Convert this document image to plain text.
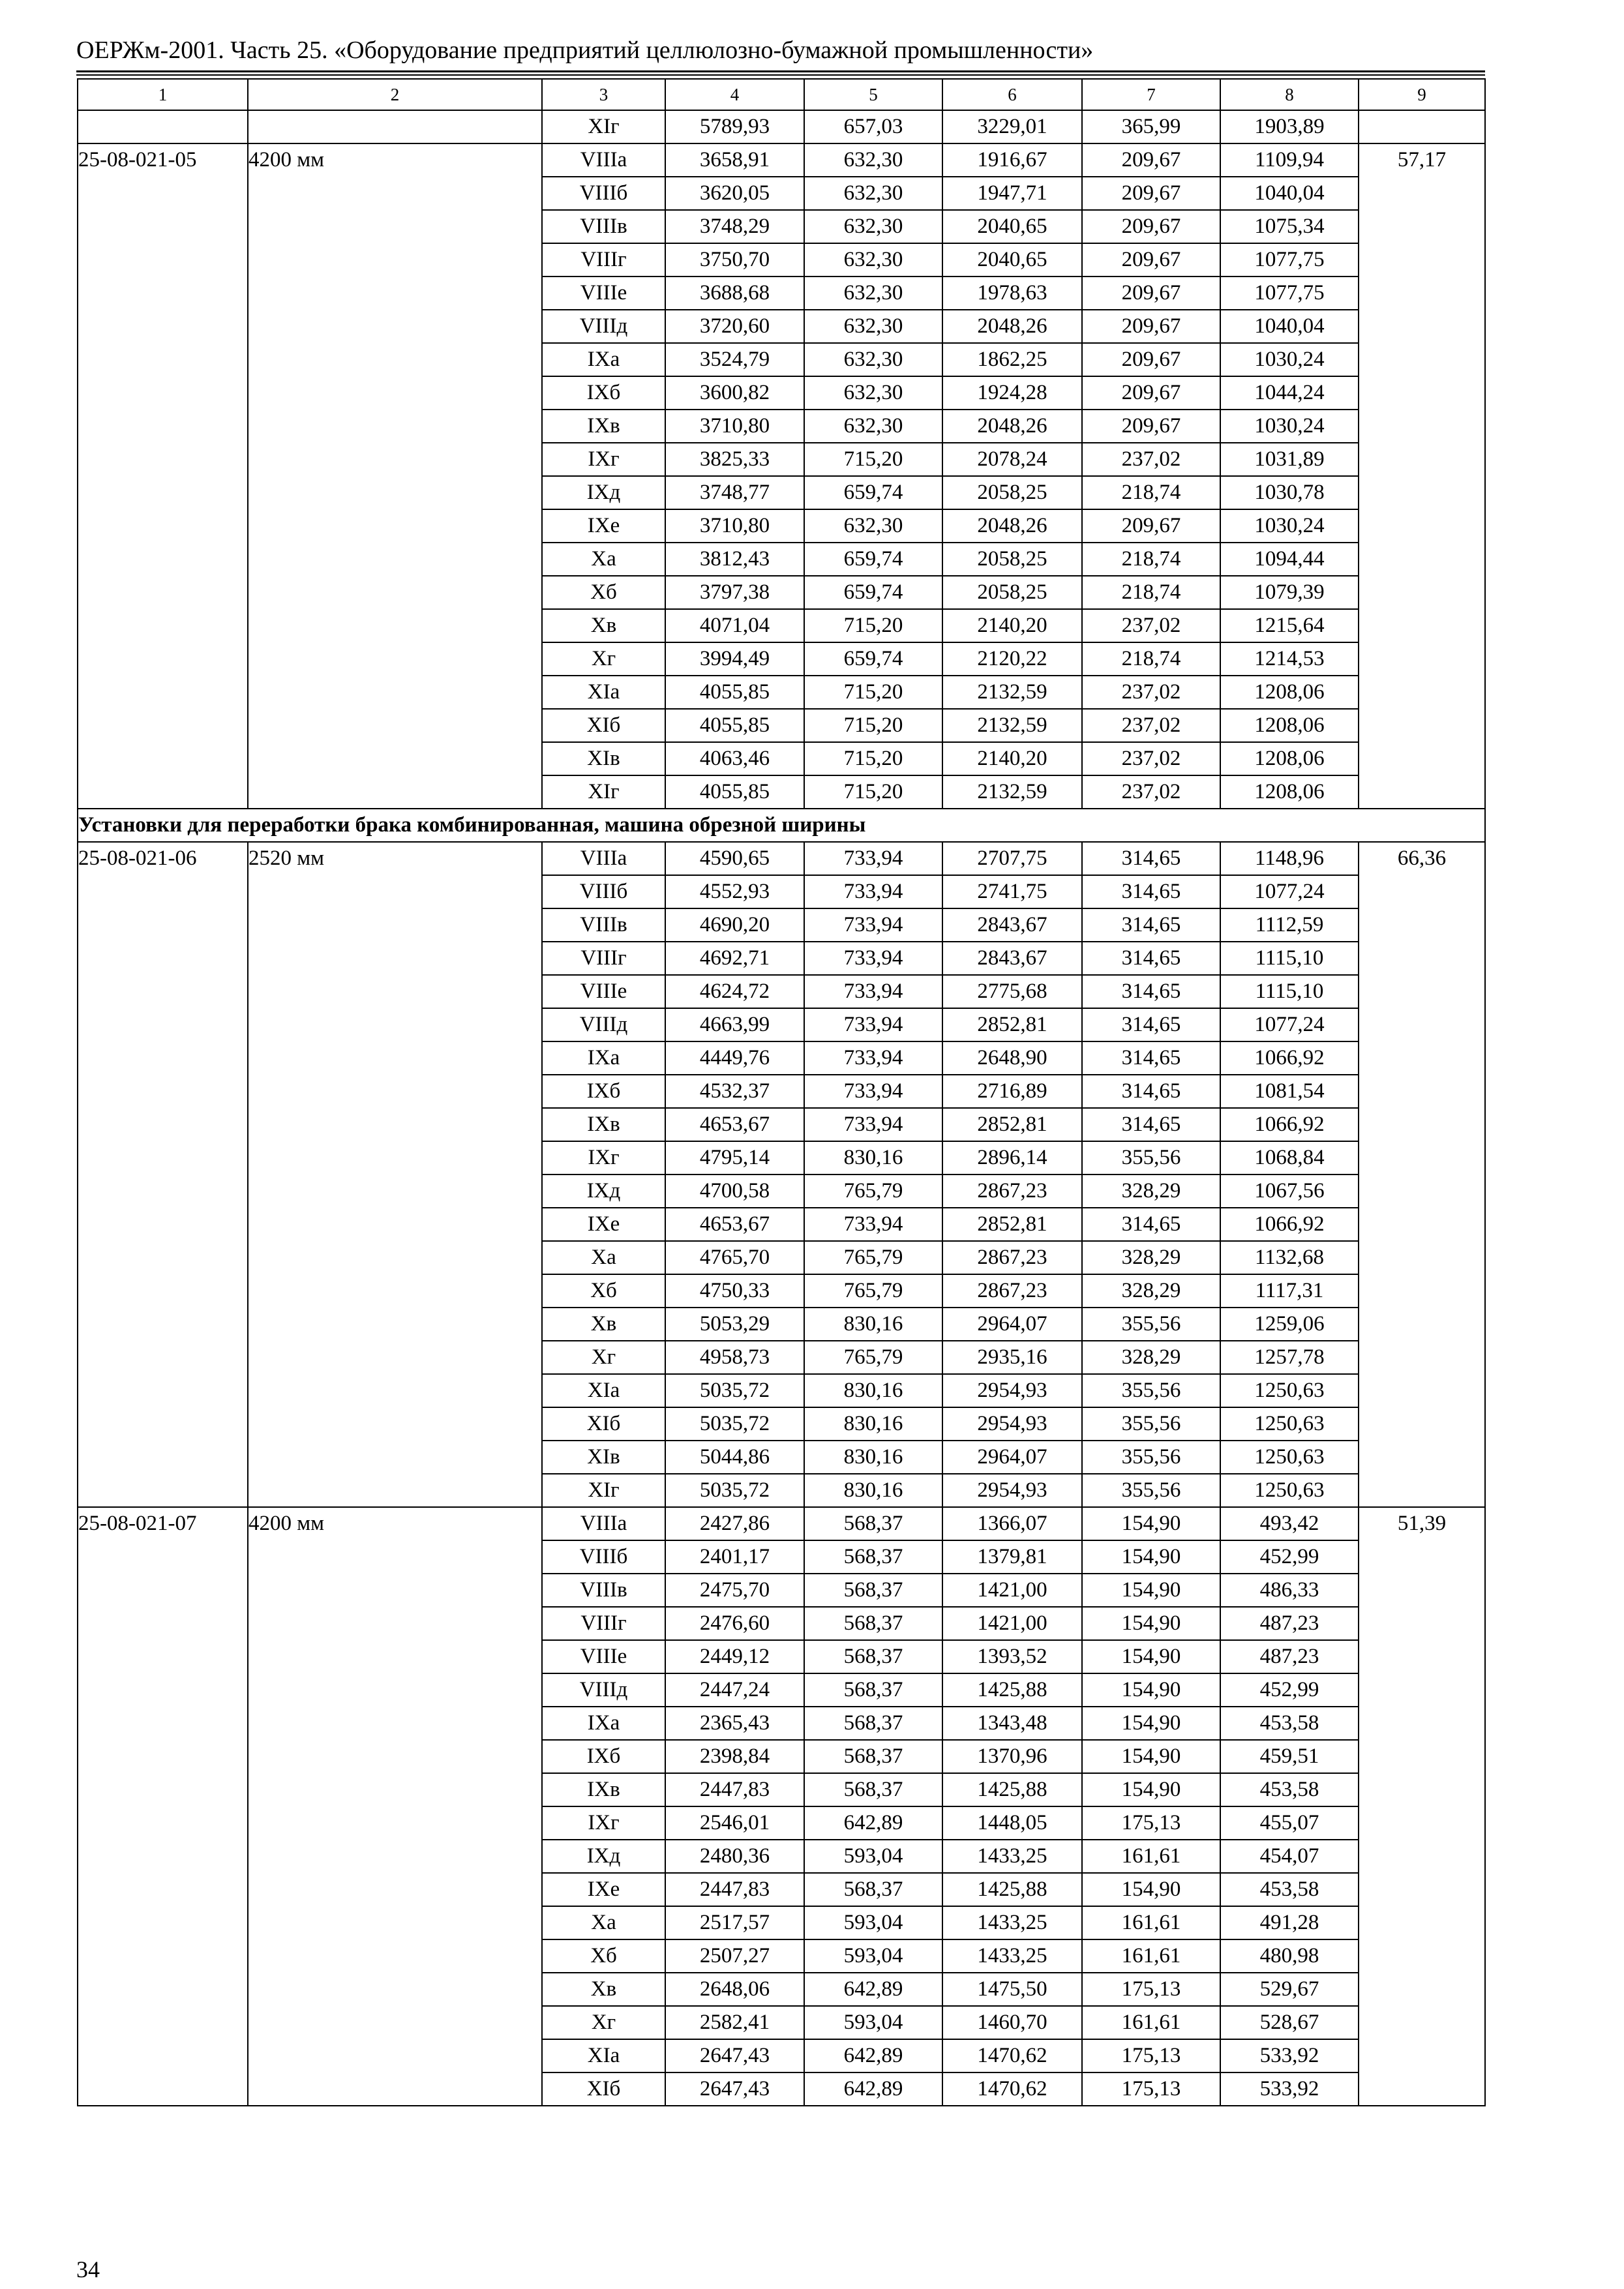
ОЕРЖм-2001. Часть 25. «Оборудование предприятий целлюлозно-бумажной промышленности»
1	2	3	4	5	6	7	8	9
		XIг	5789,93	657,03	3229,01	365,99	1903,89	
25-08-021-05	4200 мм	VIIIа	3658,91	632,30	1916,67	209,67	1109,94	57,17
		VIIIб	3620,05	632,30	1947,71	209,67	1040,04	
		VIIIв	3748,29	632,30	2040,65	209,67	1075,34	
		VIIIг	3750,70	632,30	2040,65	209,67	1077,75	
		VIIIе	3688,68	632,30	1978,63	209,67	1077,75	
		VIIIд	3720,60	632,30	2048,26	209,67	1040,04	
		IXа	3524,79	632,30	1862,25	209,67	1030,24	
		IXб	3600,82	632,30	1924,28	209,67	1044,24	
		IXв	3710,80	632,30	2048,26	209,67	1030,24	
		IXг	3825,33	715,20	2078,24	237,02	1031,89	
		IXд	3748,77	659,74	2058,25	218,74	1030,78	
		IXе	3710,80	632,30	2048,26	209,67	1030,24	
		Xа	3812,43	659,74	2058,25	218,74	1094,44	
		Xб	3797,38	659,74	2058,25	218,74	1079,39	
		Xв	4071,04	715,20	2140,20	237,02	1215,64	
		Xг	3994,49	659,74	2120,22	218,74	1214,53	
		XIа	4055,85	715,20	2132,59	237,02	1208,06	
		XIб	4055,85	715,20	2132,59	237,02	1208,06	
		XIв	4063,46	715,20	2140,20	237,02	1208,06	
		XIг	4055,85	715,20	2132,59	237,02	1208,06	
Установки для переработки брака комбинированная, машина обрезной ширины								
25-08-021-06	2520 мм	VIIIа	4590,65	733,94	2707,75	314,65	1148,96	66,36
		VIIIб	4552,93	733,94	2741,75	314,65	1077,24	
		VIIIв	4690,20	733,94	2843,67	314,65	1112,59	
		VIIIг	4692,71	733,94	2843,67	314,65	1115,10	
		VIIIе	4624,72	733,94	2775,68	314,65	1115,10	
		VIIIд	4663,99	733,94	2852,81	314,65	1077,24	
		IXа	4449,76	733,94	2648,90	314,65	1066,92	
		IXб	4532,37	733,94	2716,89	314,65	1081,54	
		IXв	4653,67	733,94	2852,81	314,65	1066,92	
		IXг	4795,14	830,16	2896,14	355,56	1068,84	
		IXд	4700,58	765,79	2867,23	328,29	1067,56	
		IXе	4653,67	733,94	2852,81	314,65	1066,92	
		Xа	4765,70	765,79	2867,23	328,29	1132,68	
		Xб	4750,33	765,79	2867,23	328,29	1117,31	
		Xв	5053,29	830,16	2964,07	355,56	1259,06	
		Xг	4958,73	765,79	2935,16	328,29	1257,78	
		XIа	5035,72	830,16	2954,93	355,56	1250,63	
		XIб	5035,72	830,16	2954,93	355,56	1250,63	
		XIв	5044,86	830,16	2964,07	355,56	1250,63	
		XIг	5035,72	830,16	2954,93	355,56	1250,63	
25-08-021-07	4200 мм	VIIIа	2427,86	568,37	1366,07	154,90	493,42	51,39
		VIIIб	2401,17	568,37	1379,81	154,90	452,99	
		VIIIв	2475,70	568,37	1421,00	154,90	486,33	
		VIIIг	2476,60	568,37	1421,00	154,90	487,23	
		VIIIе	2449,12	568,37	1393,52	154,90	487,23	
		VIIIд	2447,24	568,37	1425,88	154,90	452,99	
		IXа	2365,43	568,37	1343,48	154,90	453,58	
		IXб	2398,84	568,37	1370,96	154,90	459,51	
		IXв	2447,83	568,37	1425,88	154,90	453,58	
		IXг	2546,01	642,89	1448,05	175,13	455,07	
		IXд	2480,36	593,04	1433,25	161,61	454,07	
		IXе	2447,83	568,37	1425,88	154,90	453,58	
		Xа	2517,57	593,04	1433,25	161,61	491,28	
		Xб	2507,27	593,04	1433,25	161,61	480,98	
		Xв	2648,06	642,89	1475,50	175,13	529,67	
		Xг	2582,41	593,04	1460,70	161,61	528,67	
		XIа	2647,43	642,89	1470,62	175,13	533,92	
		XIб	2647,43	642,89	1470,62	175,13	533,92	
34
